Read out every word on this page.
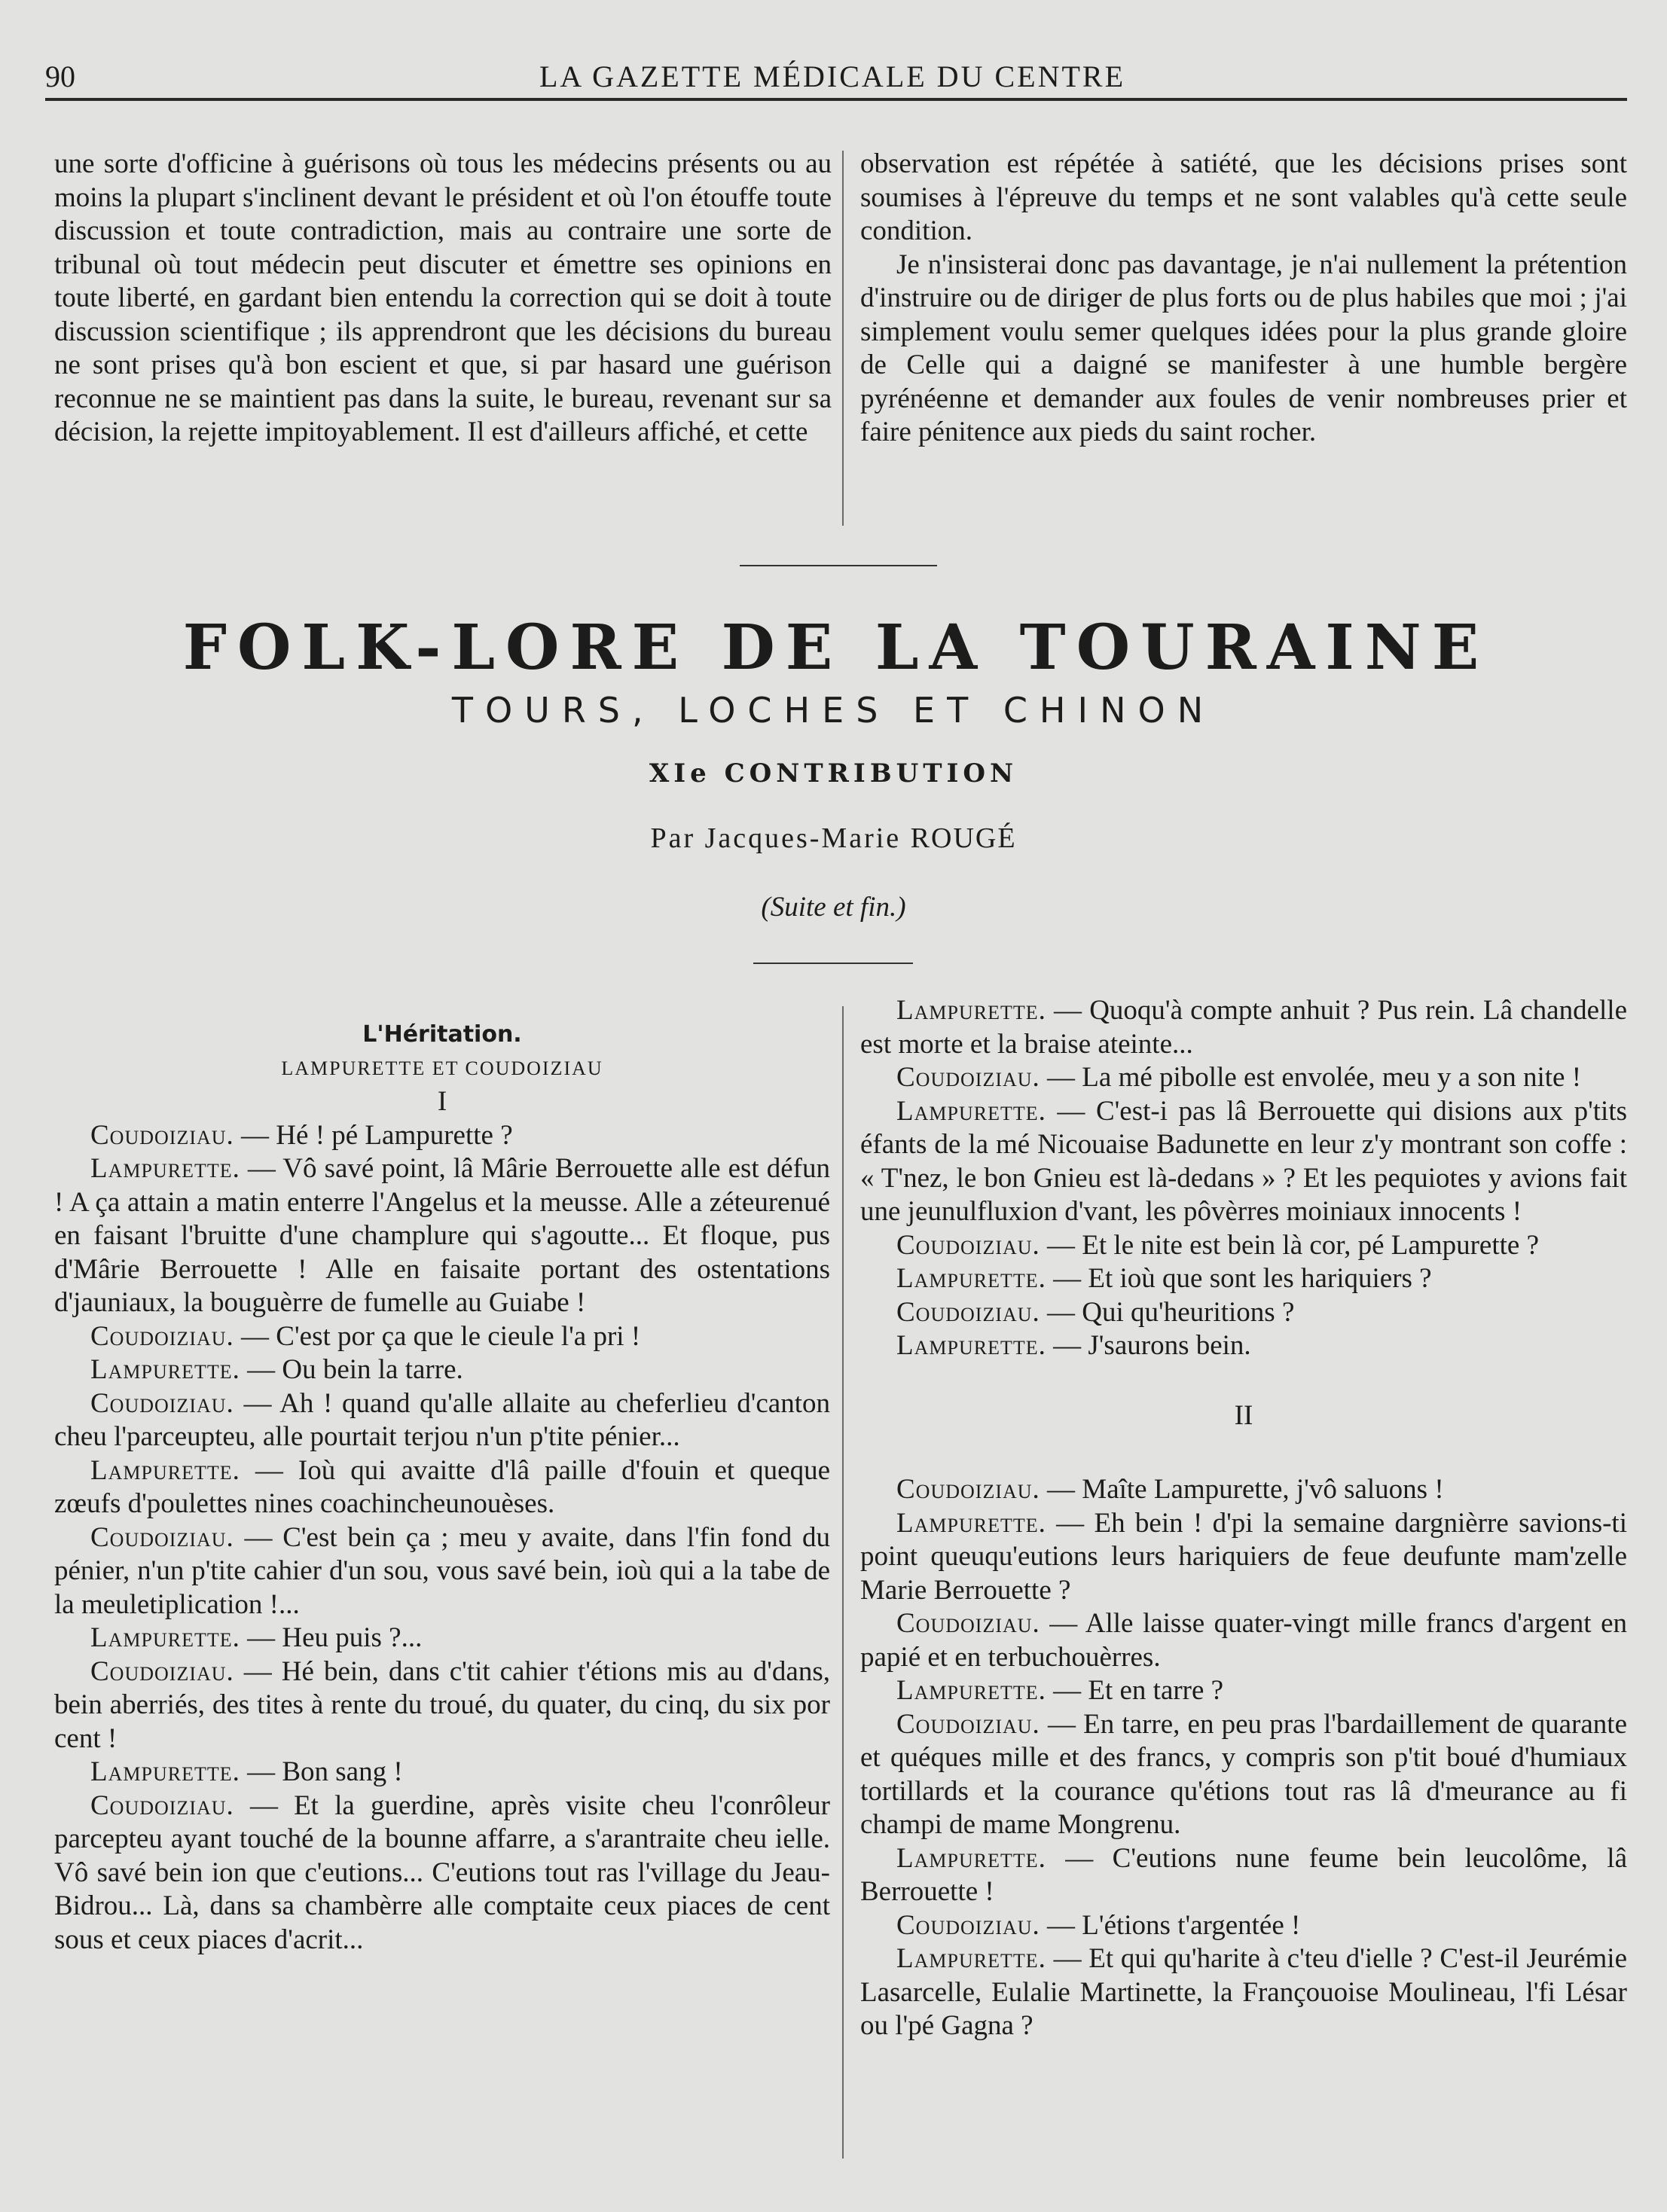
90	LA GAZETTE MÉDICALE DU CENTRE

une sorte d'officine à guérisons où tous les médecins présents ou au moins la plupart s'inclinent devant le président et où l'on étouffe toute discussion et toute contradiction, mais au contraire une sorte de tribunal où tout médecin peut discuter et émettre ses opinions en toute liberté, en gardant bien entendu la correction qui se doit à toute discussion scientifique ; ils apprendront que les décisions du bureau ne sont prises qu'à bon escient et que, si par hasard une guérison reconnue ne se maintient pas dans la suite, le bureau, revenant sur sa décision, la rejette impitoyablement. Il est d'ailleurs affiché, et cette

observation est répétée à satiété, que les décisions prises sont soumises à l'épreuve du temps et ne sont valables qu'à cette seule condition.

Je n'insisterai donc pas davantage, je n'ai nullement la prétention d'instruire ou de diriger de plus forts ou de plus habiles que moi ; j'ai simplement voulu semer quelques idées pour la plus grande gloire de Celle qui a daigné se manifester à une humble bergère pyrénéenne et demander aux foules de venir nombreuses prier et faire pénitence aux pieds du saint rocher.

FOLK-LORE DE LA TOURAINE
TOURS, LOCHES ET CHINON
XIe CONTRIBUTION
Par Jacques-Marie ROUGÉ
(Suite et fin.)

L'Héritation.

LAMPURETTE ET COUDOIZIAU

I

Coudoiziau. — Hé ! pé Lampurette ?

Lampurette. — Vô savé point, lâ Mârie Berrouette alle est défun ! A ça attain a matin enterre l'Angelus et la meusse. Alle a zéteurenué en faisant l'bruitte d'une champlure qui s'agoutte... Et floque, pus d'Mârie Berrouette ! Alle en faisaite portant des ostentations d'jauniaux, la bouguèrre de fumelle au Guiabe !

Coudoiziau. — C'est por ça que le cieule l'a pri !

Lampurette. — Ou bein la tarre.

Coudoiziau. — Ah ! quand qu'alle allaite au cheferlieu d'canton cheu l'parceupteu, alle pourtait terjou n'un p'tite pénier...

Lampurette. — Ioù qui avaitte d'lâ paille d'fouin et queque zœufs d'poulettes nines coachincheunouèses.

Coudoiziau. — C'est bein ça ; meu y avaite, dans l'fin fond du pénier, n'un p'tite cahier d'un sou, vous savé bein, ioù qui a la tabe de la meuletiplication !...

Lampurette. — Heu puis ?...

Coudoiziau. — Hé bein, dans c'tit cahier t'étions mis au d'dans, bein aberriés, des tites à rente du troué, du quater, du cinq, du six por cent !

Lampurette. — Bon sang !

Coudoiziau. — Et la guerdine, après visite cheu l'conrôleur parcepteu ayant touché de la bounne affarre, a s'arantraite cheu ielle. Vô savé bein ion que c'eutions... C'eutions tout ras l'village du Jeau-Bidrou... Là, dans sa chambèrre alle comptaite ceux piaces de cent sous et ceux piaces d'acrit...

Lampurette. — Quoqu'à compte anhuit ? Pus rein. Lâ chandelle est morte et la braise ateinte...

Coudoiziau. — La mé pibolle est envolée, meu y a son nite !

Lampurette. — C'est-i pas lâ Berrouette qui disions aux p'tits éfants de la mé Nicouaise Badunette en leur z'y montrant son coffe : « T'nez, le bon Gnieu est là-dedans » ? Et les pequiotes y avions fait une jeunulfluxion d'vant, les pôvèrres moiniaux innocents !

Coudoiziau. — Et le nite est bein là cor, pé Lampurette ?

Lampurette. — Et ioù que sont les hariquiers ?

Coudoiziau. — Qui qu'heuritions ?

Lampurette. — J'saurons bein.

II

Coudoiziau. — Maîte Lampurette, j'vô saluons !

Lampurette. — Eh bein ! d'pi la semaine dargnièrre savions-ti point queuqu'eutions leurs hariquiers de feue deufunte mam'zelle Marie Berrouette ?

Coudoiziau. — Alle laisse quater-vingt mille francs d'argent en papié et en terbuchouèrres.

Lampurette. — Et en tarre ?

Coudoiziau. — En tarre, en peu pras l'bardaillement de quarante et quéques mille et des francs, y compris son p'tit boué d'humiaux tortillards et la courance qu'étions tout ras lâ d'meurance au fi champi de mame Mongrenu.

Lampurette. — C'eutions nune feume bein leucolôme, lâ Berrouette !

Coudoiziau. — L'étions t'argentée !

Lampurette. — Et qui qu'harite à c'teu d'ielle ? C'est-il Jeurémie Lasarcelle, Eulalie Martinette, la Françouoise Moulineau, l'fi Lésar ou l'pé Gagna ?
